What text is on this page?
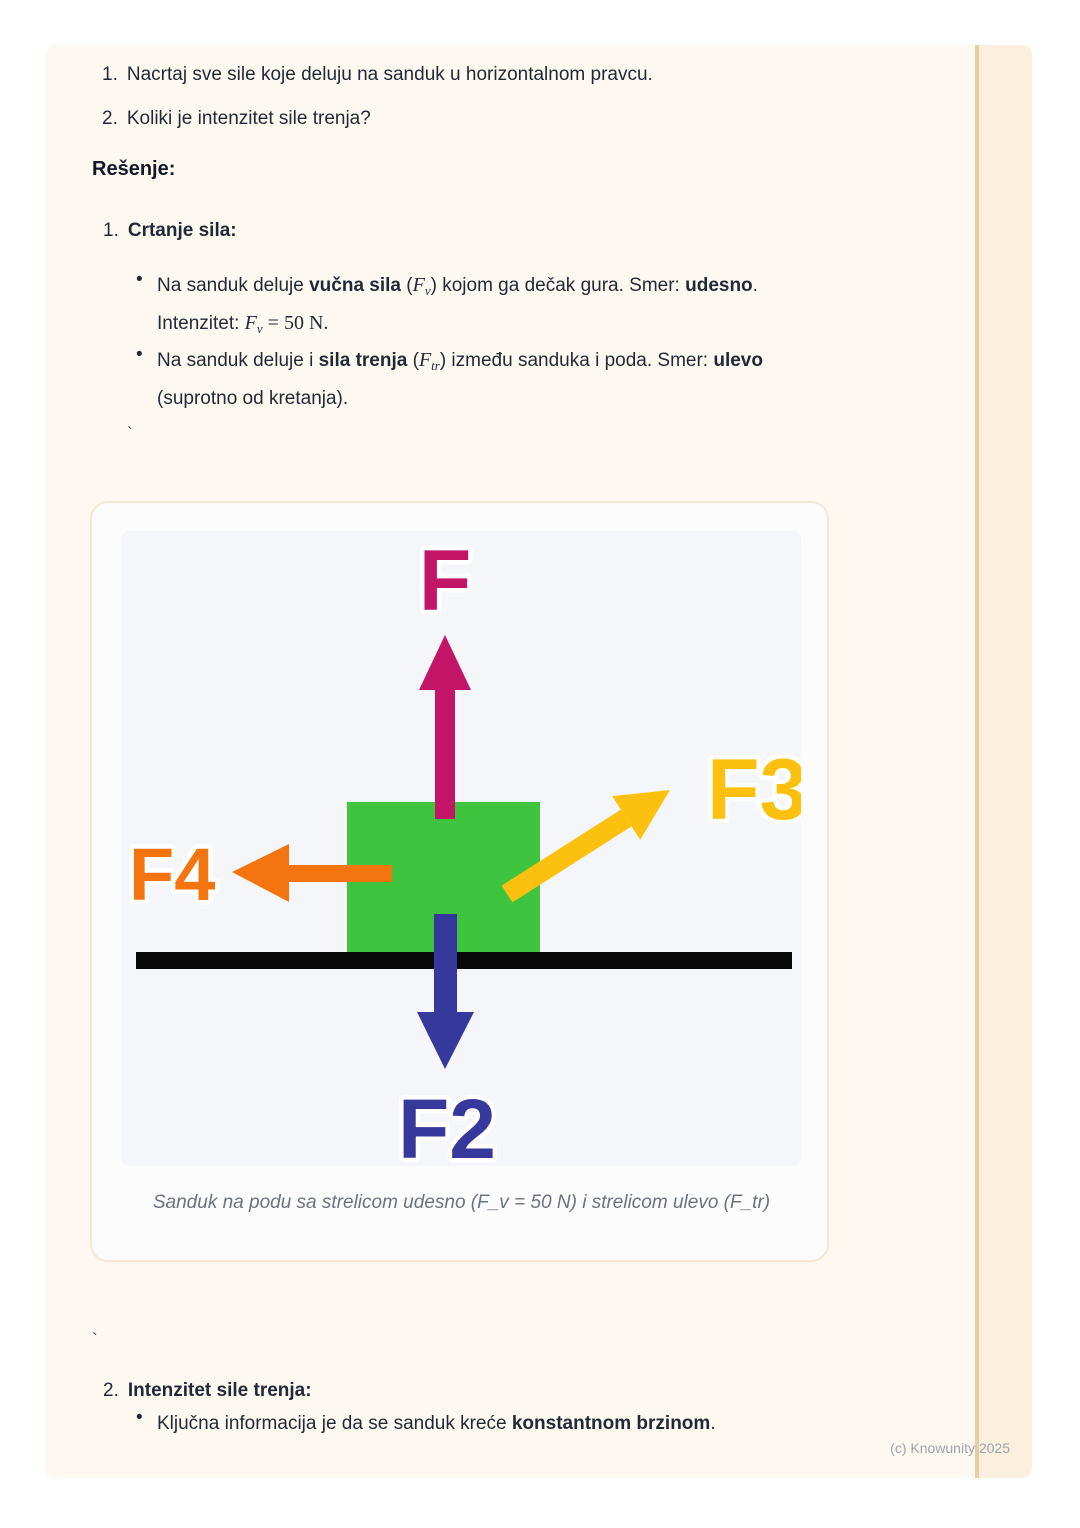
1. Nacrtaj sve sile koje deluju na sanduk u horizontalnom pravcu.
2. Koliki je intenzitet sile trenja?
Rešenje:
1. Crtanje sila:
• Na sanduk deluje vučna sila $(F_v)$ kojom ga dečak gura. Smer: udesno.
Intenzitet: $F_v = 50$ N.
• Na sanduk deluje i sila trenja $(F_{tr})$ između sanduka i poda. Smer: ulevo
(suprotno od kretanja).
`
F
F3
F4
F2
Sanduk na podu sa strelicom udesno (F_v = 50 N) i strelicom ulevo (F_tr)
`
2. Intenzitet sile trenja:
• Ključna informacija je da se sanduk kreće konstantnom brzinom.
(c) Knowunity 2025
